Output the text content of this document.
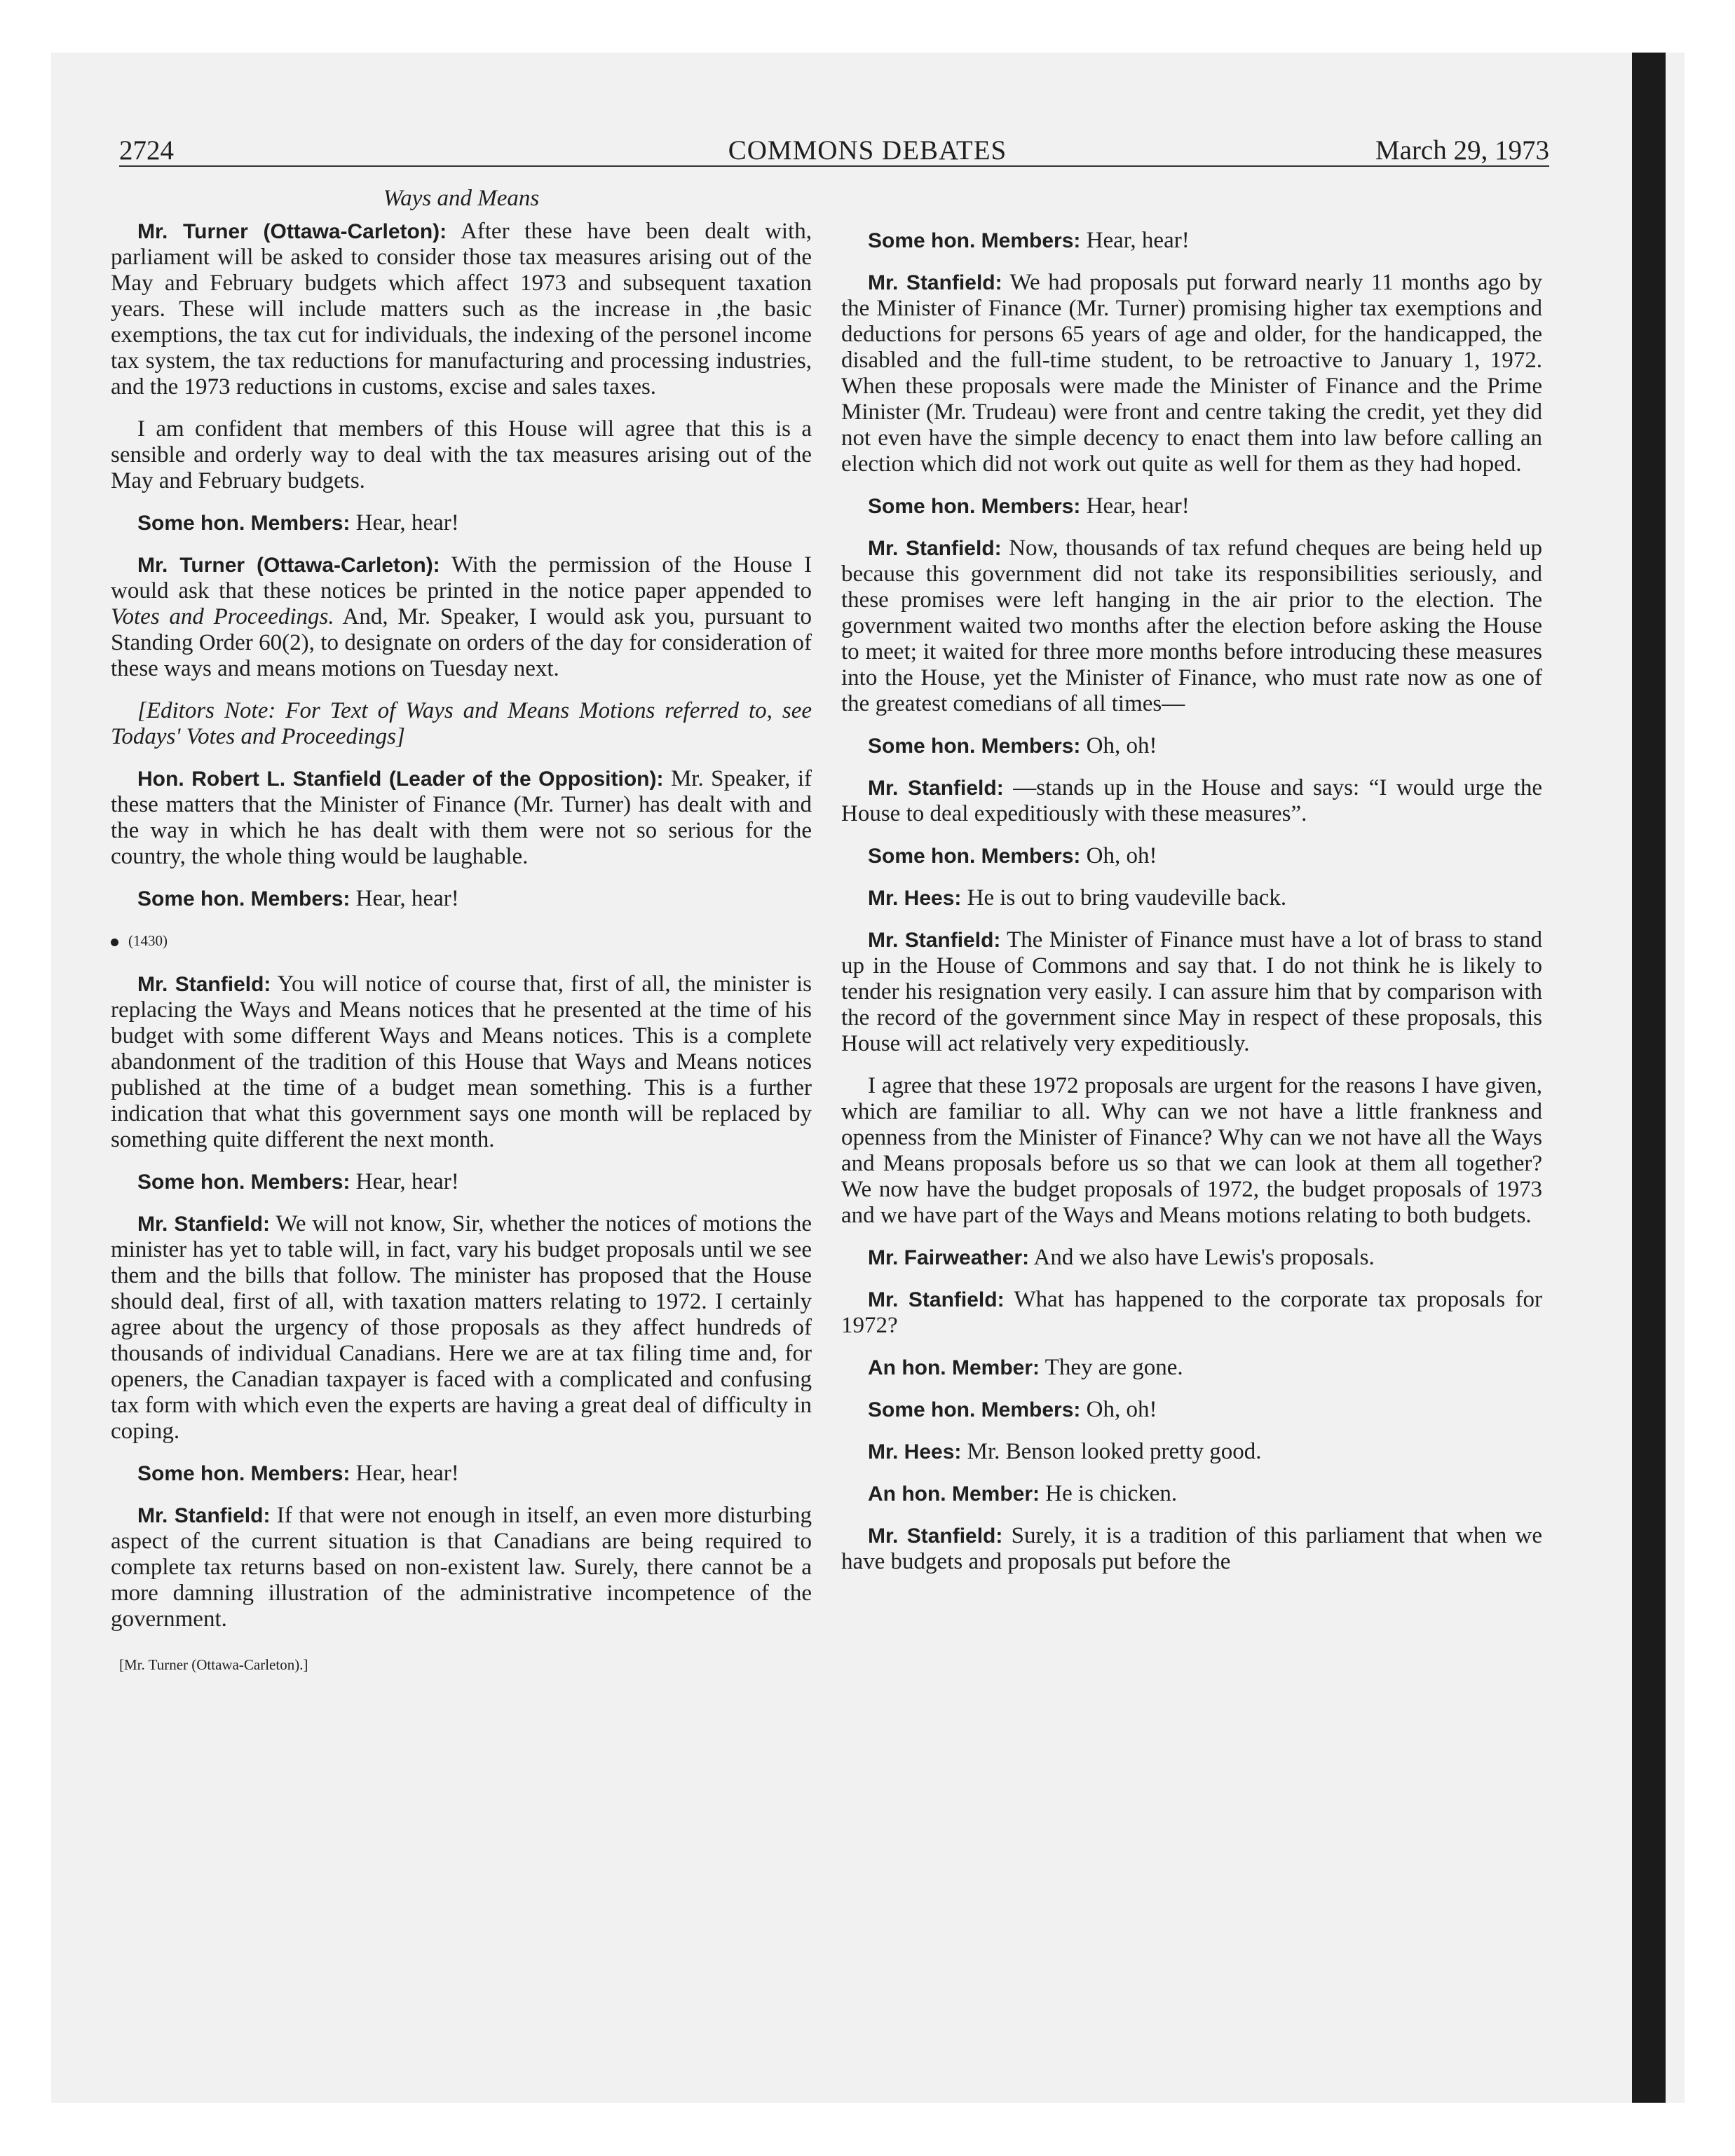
2724	COMMONS DEBATES	March 29, 1973

Ways and Means

Mr. Turner (Ottawa-Carleton): After these have been dealt with, parliament will be asked to consider those tax measures arising out of the May and February budgets which affect 1973 and subsequent taxation years. These will include matters such as the increase in ,the basic exemptions, the tax cut for individuals, the indexing of the personel income tax system, the tax reductions for manufacturing and processing industries, and the 1973 reductions in customs, excise and sales taxes.

I am confident that members of this House will agree that this is a sensible and orderly way to deal with the tax measures arising out of the May and February budgets.

Some hon. Members: Hear, hear!

Mr. Turner (Ottawa-Carleton): With the permission of the House I would ask that these notices be printed in the notice paper appended to Votes and Proceedings. And, Mr. Speaker, I would ask you, pursuant to Standing Order 60(2), to designate on orders of the day for consideration of these ways and means motions on Tuesday next.

[Editors Note: For Text of Ways and Means Motions referred to, see Todays' Votes and Proceedings]

Hon. Robert L. Stanfield (Leader of the Opposition): Mr. Speaker, if these matters that the Minister of Finance (Mr. Turner) has dealt with and the way in which he has dealt with them were not so serious for the country, the whole thing would be laughable.

Some hon. Members: Hear, hear!

(1430)

Mr. Stanfield: You will notice of course that, first of all, the minister is replacing the Ways and Means notices that he presented at the time of his budget with some different Ways and Means notices. This is a complete abandonment of the tradition of this House that Ways and Means notices published at the time of a budget mean something. This is a further indication that what this government says one month will be replaced by something quite different the next month.

Some hon. Members: Hear, hear!

Mr. Stanfield: We will not know, Sir, whether the notices of motions the minister has yet to table will, in fact, vary his budget proposals until we see them and the bills that follow. The minister has proposed that the House should deal, first of all, with taxation matters relating to 1972. I certainly agree about the urgency of those proposals as they affect hundreds of thousands of individual Canadians. Here we are at tax filing time and, for openers, the Canadian taxpayer is faced with a complicated and confusing tax form with which even the experts are having a great deal of difficulty in coping.

Some hon. Members: Hear, hear!

Mr. Stanfield: If that were not enough in itself, an even more disturbing aspect of the current situation is that Canadians are being required to complete tax returns based on non-existent law. Surely, there cannot be a more damning illustration of the administrative incompetence of the government.

[Mr. Turner (Ottawa-Carleton).]

Some hon. Members: Hear, hear!

Mr. Stanfield: We had proposals put forward nearly 11 months ago by the Minister of Finance (Mr. Turner) promising higher tax exemptions and deductions for persons 65 years of age and older, for the handicapped, the disabled and the full-time student, to be retroactive to January 1, 1972. When these proposals were made the Minister of Finance and the Prime Minister (Mr. Trudeau) were front and centre taking the credit, yet they did not even have the simple decency to enact them into law before calling an election which did not work out quite as well for them as they had hoped.

Some hon. Members: Hear, hear!

Mr. Stanfield: Now, thousands of tax refund cheques are being held up because this government did not take its responsibilities seriously, and these promises were left hanging in the air prior to the election. The government waited two months after the election before asking the House to meet; it waited for three more months before introducing these measures into the House, yet the Minister of Finance, who must rate now as one of the greatest comedians of all times—

Some hon. Members: Oh, oh!

Mr. Stanfield: —stands up in the House and says: “I would urge the House to deal expeditiously with these measures”.

Some hon. Members: Oh, oh!

Mr. Hees: He is out to bring vaudeville back.

Mr. Stanfield: The Minister of Finance must have a lot of brass to stand up in the House of Commons and say that. I do not think he is likely to tender his resignation very easily. I can assure him that by comparison with the record of the government since May in respect of these proposals, this House will act relatively very expeditiously.

I agree that these 1972 proposals are urgent for the reasons I have given, which are familiar to all. Why can we not have a little frankness and openness from the Minister of Finance? Why can we not have all the Ways and Means proposals before us so that we can look at them all together? We now have the budget proposals of 1972, the budget proposals of 1973 and we have part of the Ways and Means motions relating to both budgets.

Mr. Fairweather: And we also have Lewis's proposals.

Mr. Stanfield: What has happened to the corporate tax proposals for 1972?

An hon. Member: They are gone.

Some hon. Members: Oh, oh!

Mr. Hees: Mr. Benson looked pretty good.

An hon. Member: He is chicken.

Mr. Stanfield: Surely, it is a tradition of this parliament that when we have budgets and proposals put before the
